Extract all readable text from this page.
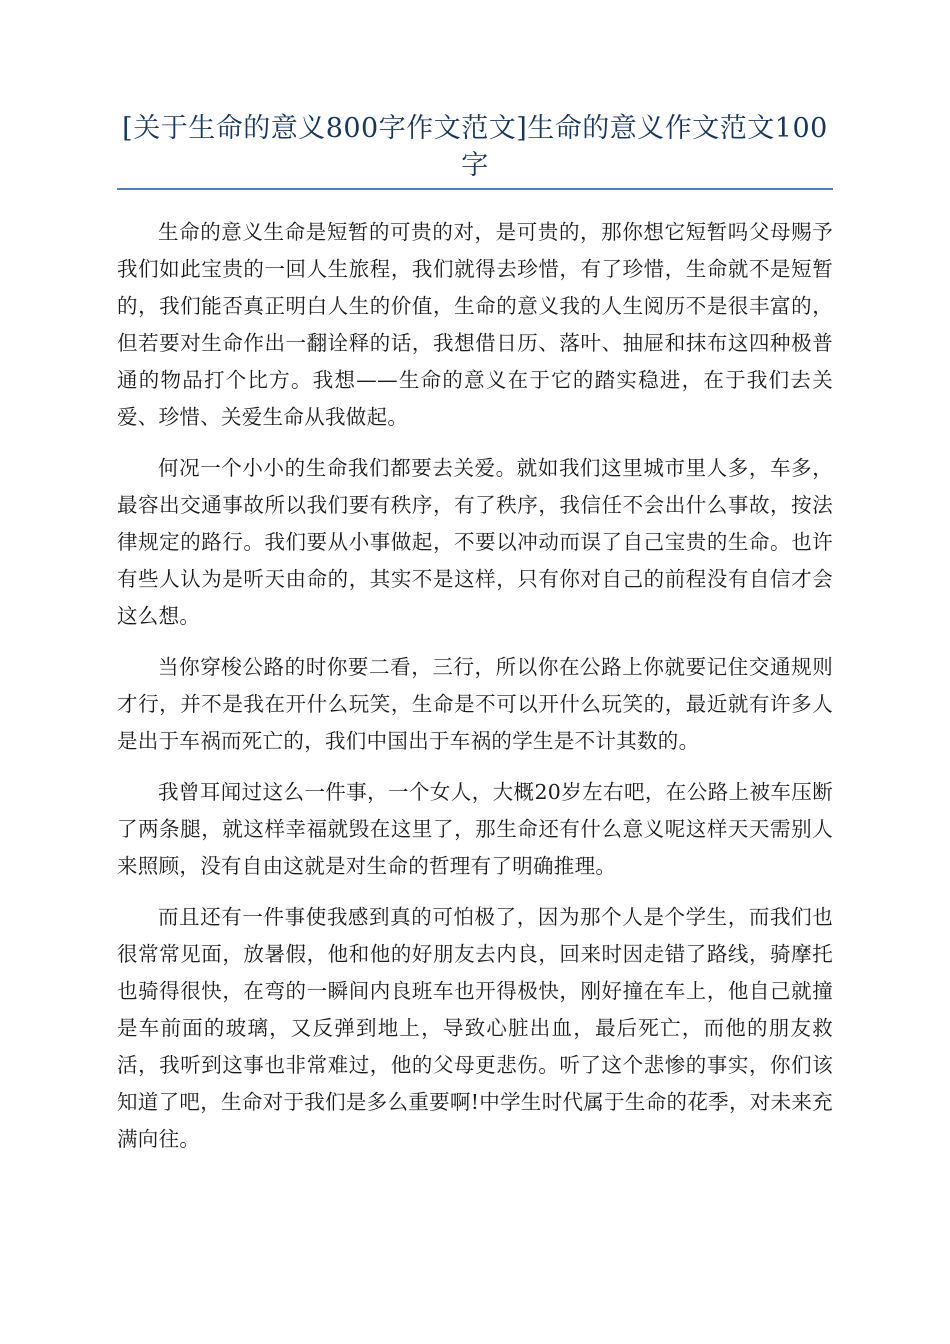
[关于生命的意义800字作文范文]生命的意义作文范文100字

生命的意义生命是短暂的可贵的对，是可贵的，那你想它短暂吗父母赐予我们如此宝贵的一回人生旅程，我们就得去珍惜，有了珍惜，生命就不是短暂的，我们能否真正明白人生的价值，生命的意义我的人生阅历不是很丰富的，但若要对生命作出一翻诠释的话，我想借日历、落叶、抽屉和抹布这四种极普通的物品打个比方。我想——生命的意义在于它的踏实稳进，在于我们去关爱、珍惜、关爱生命从我做起。

何况一个小小的生命我们都要去关爱。就如我们这里城市里人多，车多，最容出交通事故所以我们要有秩序，有了秩序，我信任不会出什么事故，按法律规定的路行。我们要从小事做起，不要以冲动而误了自己宝贵的生命。也许有些人认为是听天由命的，其实不是这样，只有你对自己的前程没有自信才会这么想。

当你穿梭公路的时你要二看，三行，所以你在公路上你就要记住交通规则才行，并不是我在开什么玩笑，生命是不可以开什么玩笑的，最近就有许多人是出于车祸而死亡的，我们中国出于车祸的学生是不计其数的。

我曾耳闻过这么一件事，一个女人，大概20岁左右吧，在公路上被车压断了两条腿，就这样幸福就毁在这里了，那生命还有什么意义呢这样天天需别人来照顾，没有自由这就是对生命的哲理有了明确推理。

而且还有一件事使我感到真的可怕极了，因为那个人是个学生，而我们也很常常见面，放暑假，他和他的好朋友去内良，回来时因走错了路线，骑摩托也骑得很快，在弯的一瞬间内良班车也开得极快，刚好撞在车上，他自己就撞是车前面的玻璃，又反弹到地上，导致心脏出血，最后死亡，而他的朋友救活，我听到这事也非常难过，他的父母更悲伤。听了这个悲惨的事实，你们该知道了吧，生命对于我们是多么重要啊!中学生时代属于生命的花季，对未来充满向往。
